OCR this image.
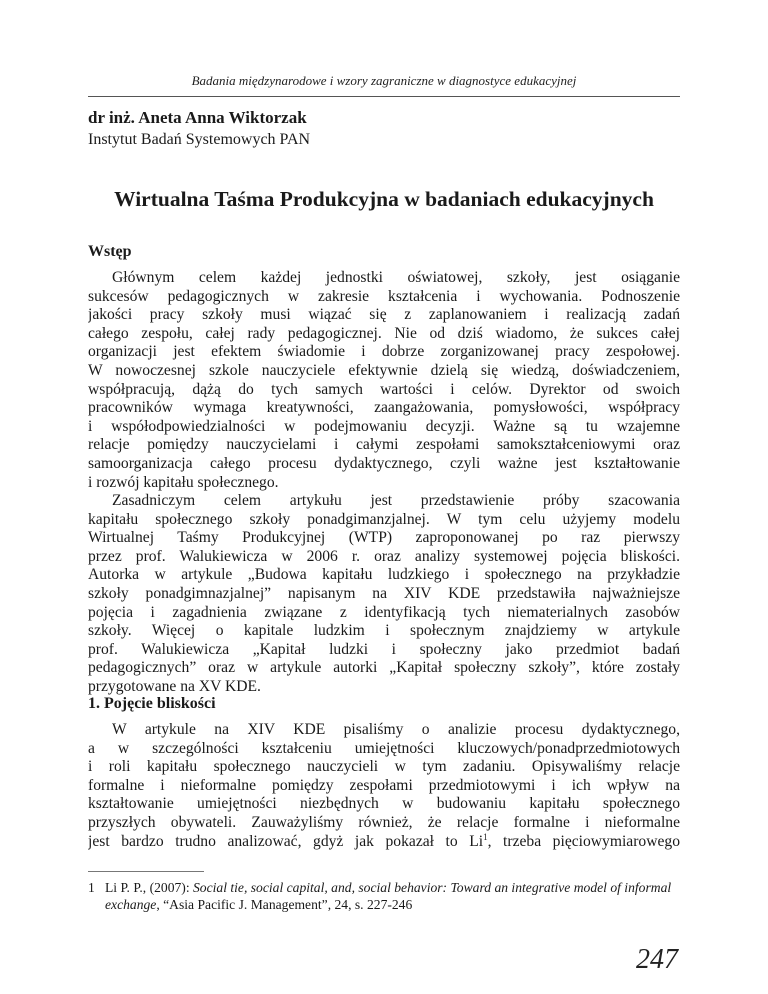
Badania międzynarodowe i wzory zagraniczne w diagnostyce edukacyjnej
dr inż. Aneta Anna Wiktorzak
Instytut Badań Systemowych PAN
Wirtualna Taśma Produkcyjna w badaniach edukacyjnych
Wstęp
Głównym celem każdej jednostki oświatowej, szkoły, jest osiąganie
sukcesów pedagogicznych w zakresie kształcenia i wychowania. Podnoszenie
jakości pracy szkoły musi wiązać się z zaplanowaniem i realizacją zadań
całego zespołu, całej rady pedagogicznej. Nie od dziś wiadomo, że sukces całej
organizacji jest efektem świadomie i dobrze zorganizowanej pracy zespołowej.
W nowoczesnej szkole nauczyciele efektywnie dzielą się wiedzą, doświadczeniem,
współpracują, dążą do tych samych wartości i celów. Dyrektor od swoich
pracowników wymaga kreatywności, zaangażowania, pomysłowości, współpracy
i współodpowiedzialności w podejmowaniu decyzji. Ważne są tu wzajemne
relacje pomiędzy nauczycielami i całymi zespołami samokształceniowymi oraz
samoorganizacja całego procesu dydaktycznego, czyli ważne jest kształtowanie
i rozwój kapitału społecznego.
Zasadniczym celem artykułu jest przedstawienie próby szacowania
kapitału społecznego szkoły ponadgimanzjalnej. W tym celu użyjemy modelu
Wirtualnej Taśmy Produkcyjnej (WTP) zaproponowanej po raz pierwszy
przez prof. Walukiewicza w 2006 r. oraz analizy systemowej pojęcia bliskości.
Autorka w artykule „Budowa kapitału ludzkiego i społecznego na przykładzie
szkoły ponadgimnazjalnej” napisanym na XIV KDE przedstawiła najważniejsze
pojęcia i zagadnienia związane z identyfikacją tych niematerialnych zasobów
szkoły. Więcej o kapitale ludzkim i społecznym znajdziemy w artykule
prof. Walukiewicza „Kapitał ludzki i społeczny jako przedmiot badań
pedagogicznych” oraz w artykule autorki „Kapitał społeczny szkoły”, które zostały
przygotowane na XV KDE.
1. Pojęcie bliskości
W artykule na XIV KDE pisaliśmy o analizie procesu dydaktycznego,
a w szczególności kształceniu umiejętności kluczowych/ponadprzedmiotowych
i roli kapitału społecznego nauczycieli w tym zadaniu. Opisywaliśmy relacje
formalne i nieformalne pomiędzy zespołami przedmiotowymi i ich wpływ na
kształtowanie umiejętności niezbędnych w budowaniu kapitału społecznego
przyszłych obywateli. Zauważyliśmy również, że relacje formalne i nieformalne
jest bardzo trudno analizować, gdyż jak pokazał to Li$^1$, trzeba pięciowymiarowego
1 Li P. P., (2007): Social tie, social capital, and, social behavior: Toward an integrative model of informal exchange, “Asia Pacific J. Management”, 24, s. 227-246
247
